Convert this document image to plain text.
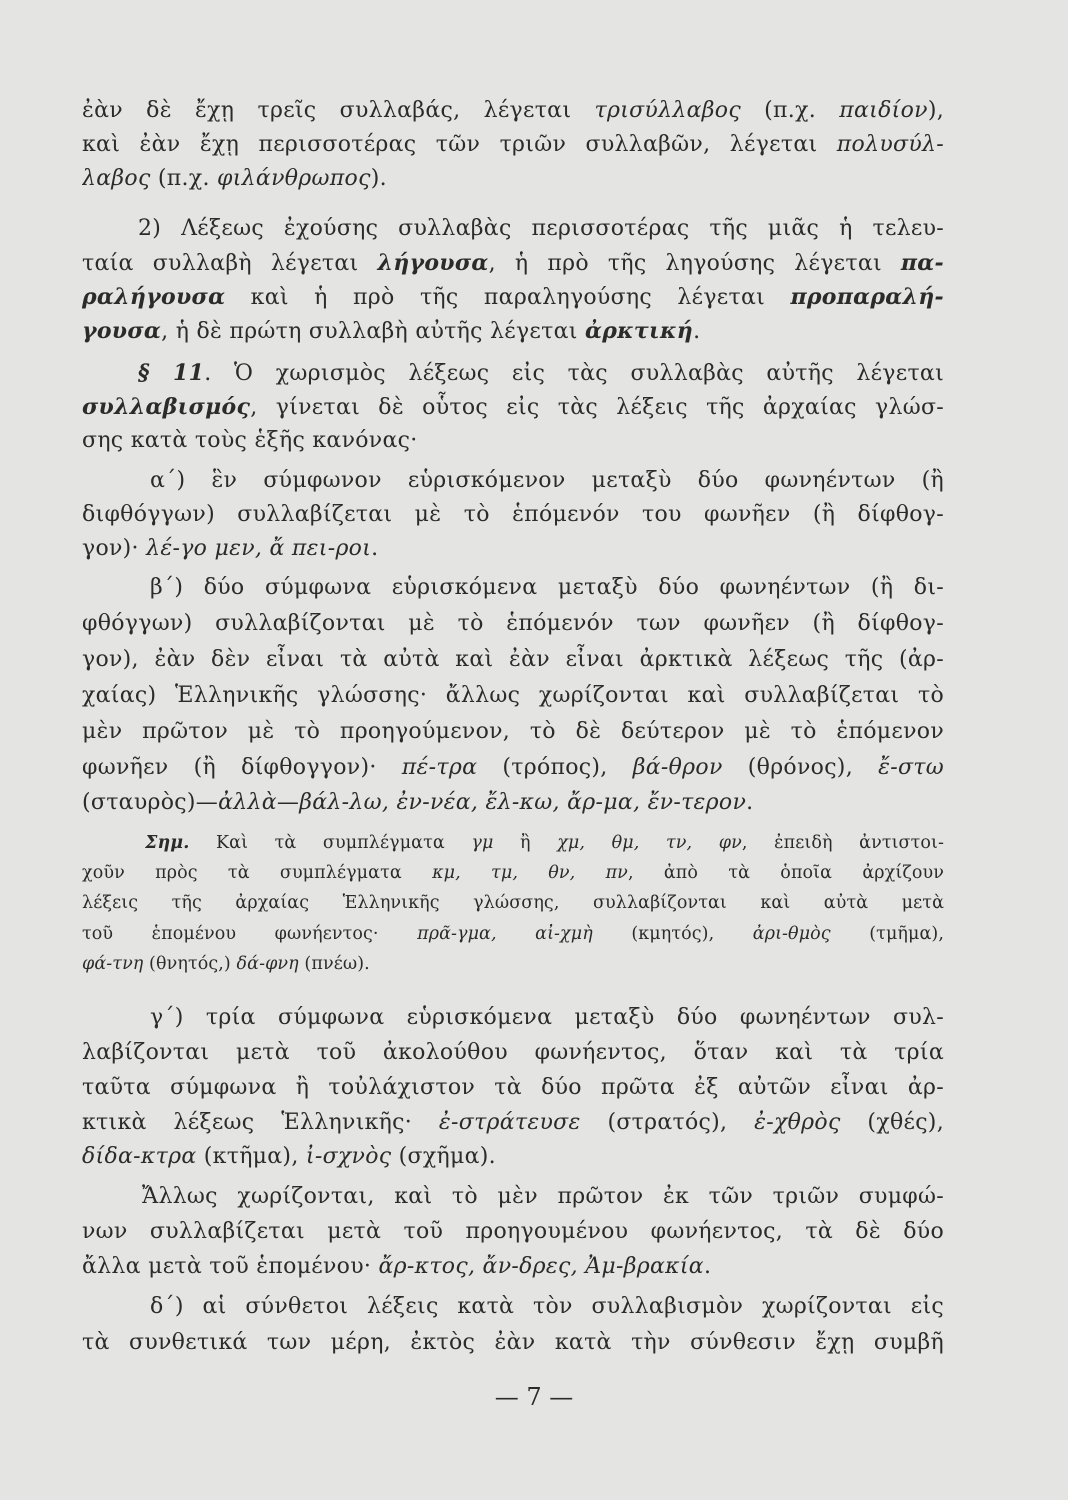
ἐὰν δὲ ἔχῃ τρεῖς συλλαβάς, λέγεται τρισύλλαβος (π.χ. παιδίον),
καὶ ἐὰν ἔχῃ περισσοτέρας τῶν τριῶν συλλαβῶν, λέγεται πολυσύλ-
λαβος (π.χ. φιλάνθρωπος).
2) Λέξεως ἐχούσης συλλαβὰς περισσοτέρας τῆς μιᾶς ἡ τελευ-
ταία συλλαβὴ λέγεται λήγουσα, ἡ πρὸ τῆς ληγούσης λέγεται πα-
ραλήγουσα καὶ ἡ πρὸ τῆς παραληγούσης λέγεται προπαραλή-
γουσα, ἡ δὲ πρώτη συλλαβὴ αὐτῆς λέγεται ἀρκτική.
§ 11. Ὁ χωρισμὸς λέξεως εἰς τὰς συλλαβὰς αὐτῆς λέγεται
συλλαβισμός, γίνεται δὲ οὗτος εἰς τὰς λέξεις τῆς ἀρχαίας γλώσ-
σης κατὰ τοὺς ἑξῆς κανόνας·
α΄) ἓν σύμφωνον εὑρισκόμενον μεταξὺ δύο φωνηέντων (ἢ
διφθόγγων) συλλαβίζεται μὲ τὸ ἑπόμενόν του φωνῆεν (ἢ δίφθογ-
γον)· λέ-γο μεν, ἄ πει-ροι.
β΄) δύο σύμφωνα εὑρισκόμενα μεταξὺ δύο φωνηέντων (ἢ δι-
φθόγγων) συλλαβίζονται μὲ τὸ ἑπόμενόν των φωνῆεν (ἢ δίφθογ-
γον), ἐὰν δὲν εἶναι τὰ αὐτὰ καὶ ἐὰν εἶναι ἀρκτικὰ λέξεως τῆς (ἀρ-
χαίας) Ἑλληνικῆς γλώσσης· ἄλλως χωρίζονται καὶ συλλαβίζεται τὸ
μὲν πρῶτον μὲ τὸ προηγούμενον, τὸ δὲ δεύτερον μὲ τὸ ἑπόμενον
φωνῆεν (ἢ δίφθογγον)· πέ-τρα (τρόπος), βά-θρον (θρόνος), ἔ-στω
(σταυρὸς)—ἀλλὰ—βάλ-λω, ἐν-νέα, ἔλ-κω, ἄρ-μα, ἔν-τερον.
Σημ. Καὶ τὰ συμπλέγματα γμ ἢ χμ, θμ, τν, φν, ἐπειδὴ ἀντιστοι-
χοῦν πρὸς τὰ συμπλέγματα κμ, τμ, θν, πν, ἀπὸ τὰ ὁποῖα ἀρχίζουν
λέξεις τῆς ἀρχαίας Ἑλληνικῆς γλώσσης, συλλαβίζονται καὶ αὐτὰ μετὰ
τοῦ ἑπομένου φωνήεντος· πρᾶ-γμα, αἰ-χμὴ (κμητός), ἀρι-θμὸς (τμῆμα),
φά-τνη (θνητός,) δά-φνη (πνέω).
γ΄) τρία σύμφωνα εὑρισκόμενα μεταξὺ δύο φωνηέντων συλ-
λαβίζονται μετὰ τοῦ ἀκολούθου φωνήεντος, ὅταν καὶ τὰ τρία
ταῦτα σύμφωνα ἢ τοὐλάχιστον τὰ δύο πρῶτα ἐξ αὐτῶν εἶναι ἀρ-
κτικὰ λέξεως Ἑλληνικῆς· ἐ-στράτευσε (στρατός), ἐ-χθρὸς (χθές),
δίδα-κτρα (κτῆμα), ἰ-σχνὸς (σχῆμα).
Ἄλλως χωρίζονται, καὶ τὸ μὲν πρῶτον ἐκ τῶν τριῶν συμφώ-
νων συλλαβίζεται μετὰ τοῦ προηγουμένου φωνήεντος, τὰ δὲ δύο
ἄλλα μετὰ τοῦ ἑπομένου· ἄρ-κτος, ἄν-δρες, Ἀμ-βρακία.
δ΄) αἱ σύνθετοι λέξεις κατὰ τὸν συλλαβισμὸν χωρίζονται εἰς
τὰ συνθετικά των μέρη, ἐκτὸς ἐὰν κατὰ τὴν σύνθεσιν ἔχῃ συμβῆ
— 7 —
